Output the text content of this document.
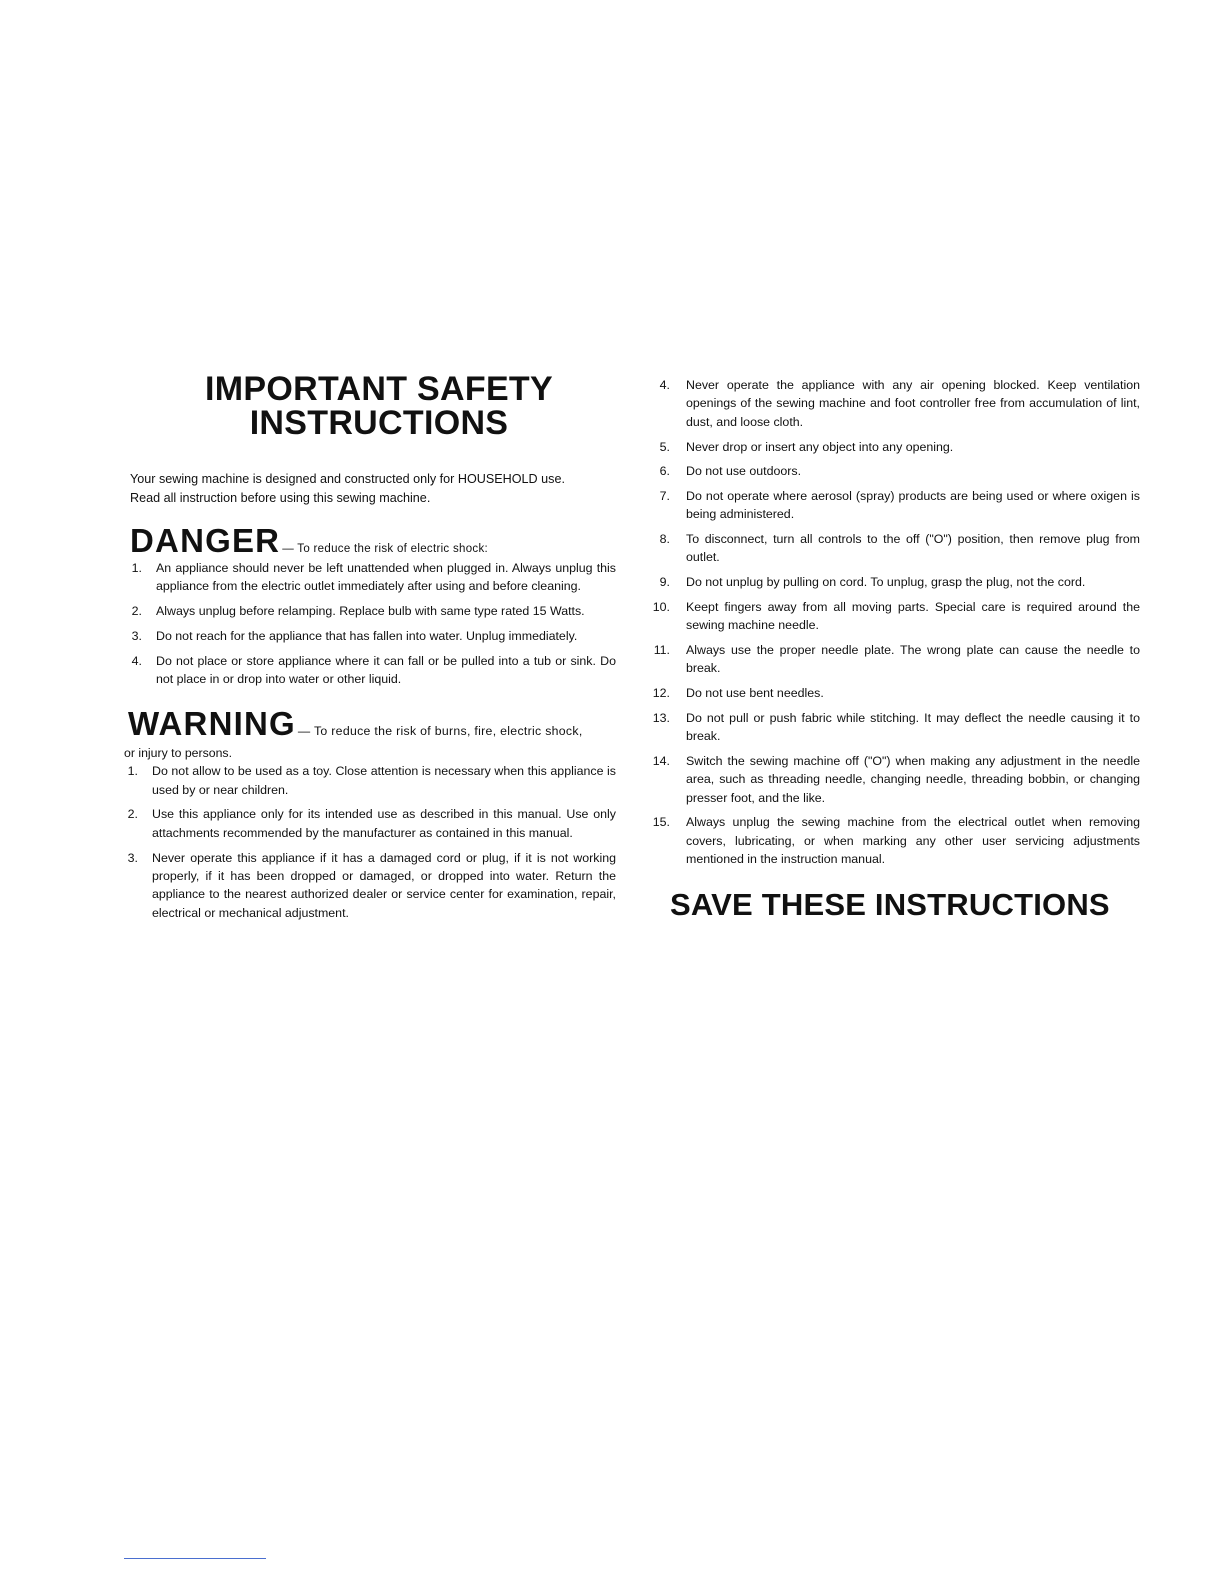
IMPORTANT SAFETY
INSTRUCTIONS
Your sewing machine is designed and constructed only for HOUSEHOLD use.
Read all instruction before using this sewing machine.
DANGER — To reduce the risk of electric shock:
1. An appliance should never be left unattended when plugged in. Always unplug this appliance from the electric outlet immediately after using and before cleaning.
2. Always unplug before relamping. Replace bulb with same type rated 15 Watts.
3. Do not reach for the appliance that has fallen into water. Unplug immediately.
4. Do not place or store appliance where it can fall or be pulled into a tub or sink. Do not place in or drop into water or other liquid.
WARNING — To reduce the risk of burns, fire, electric shock,
or injury to persons.
1. Do not allow to be used as a toy. Close attention is necessary when this appliance is used by or near children.
2. Use this appliance only for its intended use as described in this manual. Use only attachments recommended by the manufacturer as contained in this manual.
3. Never operate this appliance if it has a damaged cord or plug, if it is not working properly, if it has been dropped or damaged, or dropped into water. Return the appliance to the nearest authorized dealer or service center for examination, repair, electrical or mechanical adjustment.
4. Never operate the appliance with any air opening blocked. Keep ventilation openings of the sewing machine and foot controller free from accumulation of lint, dust, and loose cloth.
5. Never drop or insert any object into any opening.
6. Do not use outdoors.
7. Do not operate where aerosol (spray) products are being used or where oxigen is being administered.
8. To disconnect, turn all controls to the off ("O") position, then remove plug from outlet.
9. Do not unplug by pulling on cord. To unplug, grasp the plug, not the cord.
10. Keept fingers away from all moving parts. Special care is required around the sewing machine needle.
11. Always use the proper needle plate. The wrong plate can cause the needle to break.
12. Do not use bent needles.
13. Do not pull or push fabric while stitching. It may deflect the needle causing it to break.
14. Switch the sewing machine off ("O") when making any adjustment in the needle area, such as threading needle, changing needle, threading bobbin, or changing presser foot, and the like.
15. Always unplug the sewing machine from the electrical outlet when removing covers, lubricating, or when marking any other user servicing adjustments mentioned in the instruction manual.
SAVE THESE INSTRUCTIONS
